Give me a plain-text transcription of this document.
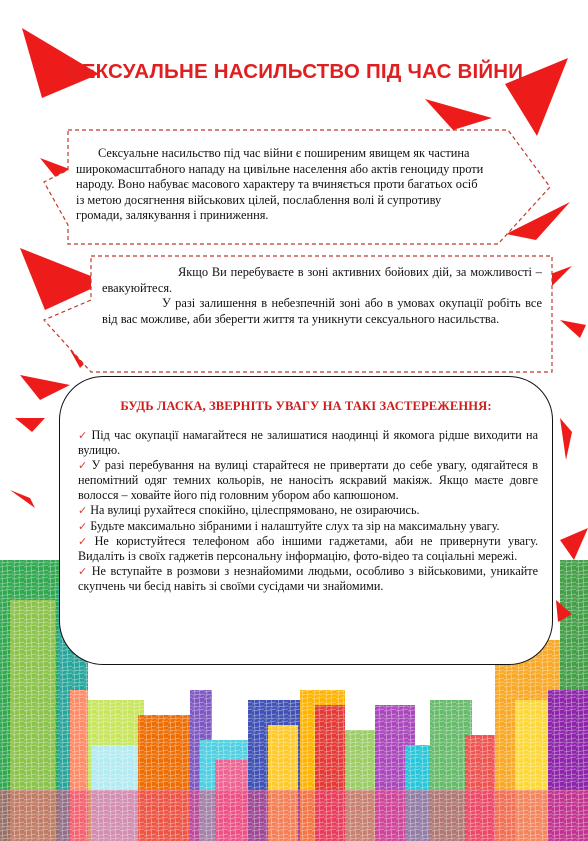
СЕКСУАЛЬНЕ НАСИЛЬСТВО ПІД ЧАС ВІЙНИ

Сексуальне насильство під час війни є поширеним явищем як частина широкомасштабного нападу на цивільне населення або актів геноциду проти народу. Воно набуває масового характеру та вчиняється проти багатьох осіб із метою досягнення військових цілей, послаблення волі й супротиву громади, залякування і приниження.

Якщо Ви перебуваєте в зоні активних бойових дій, за можливості – евакуюйтеся.

У разі залишення в небезпечній зоні або в умовах окупації робіть все від вас можливе, аби зберегти життя та уникнути сексуального насильства.

БУДЬ ЛАСКА, ЗВЕРНІТЬ УВАГУ НА ТАКІ ЗАСТЕРЕЖЕННЯ:
✓ Під час окупації намагайтеся не залишатися наодинці й якомога рідше виходити на вулицю.
✓ У разі перебування на вулиці старайтеся не привертати до себе увагу, одягайтеся в непомітний одяг темних кольорів, не наносіть яскравий макіяж. Якщо маєте довге волосся – ховайте його під головним убором або капюшоном.
✓ На вулиці рухайтеся спокійно, цілеспрямовано, не озираючись.
✓ Будьте максимально зібраними і налаштуйте слух та зір на максимальну увагу.
✓ Не користуйтеся телефоном або іншими гаджетами, аби не привернути увагу. Видаліть із своїх гаджетів персональну інформацію, фото-відео та соціальні мережі.
✓ Не вступайте в розмови з незнайомими людьми, особливо з військовими, уникайте скупчень чи бесід навіть зі своїми сусідами чи знайомими.
